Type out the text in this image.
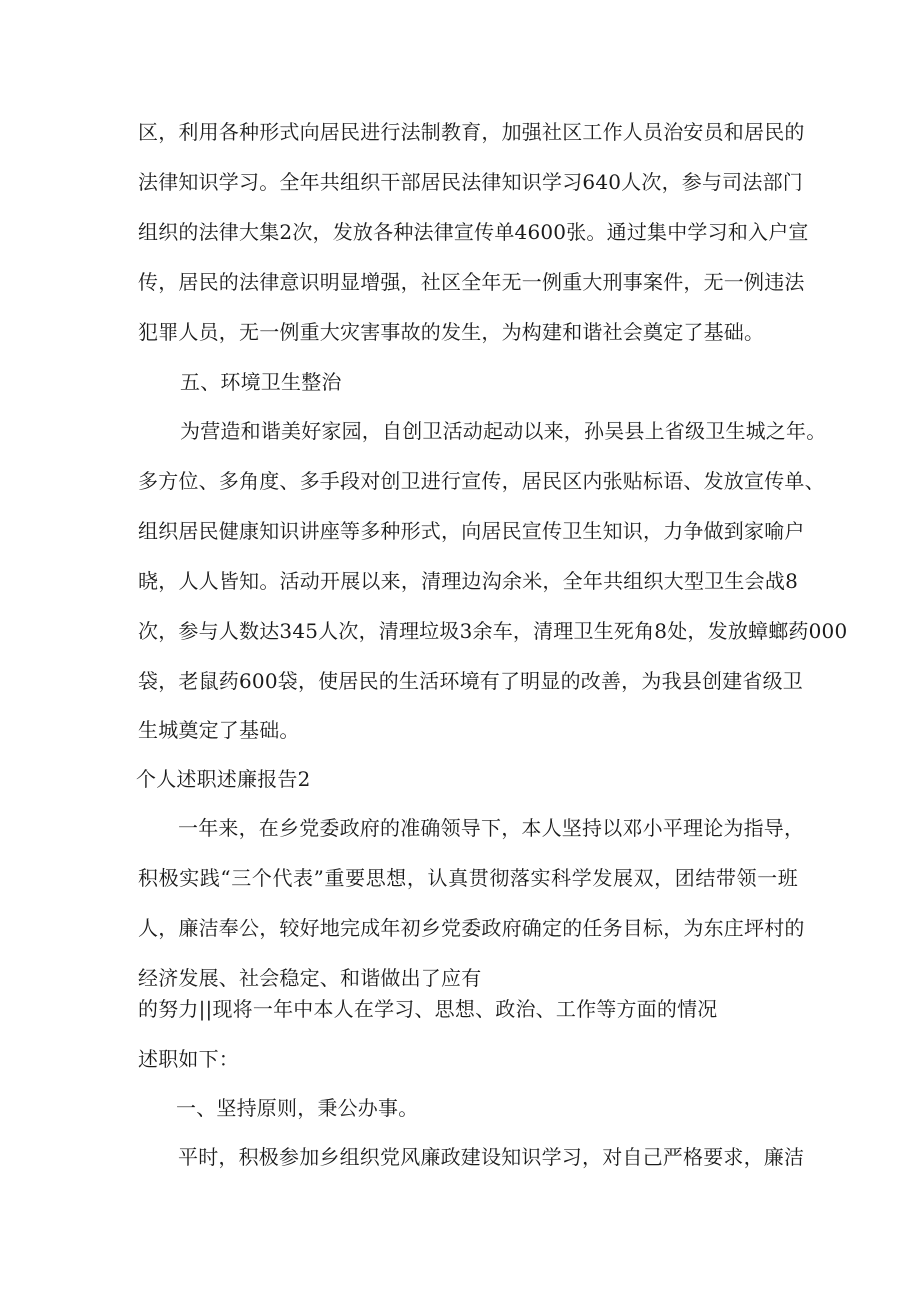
区，利用各种形式向居民进行法制教育，加强社区工作人员治安员和居民的
法律知识学习。全年共组织干部居民法律知识学习640人次，参与司法部门
组织的法律大集2次，发放各种法律宣传单4600张。通过集中学习和入户宣
传，居民的法律意识明显增强，社区全年无一例重大刑事案件，无一例违法
犯罪人员，无一例重大灾害事故的发生，为构建和谐社会奠定了基础。
五、环境卫生整治
为营造和谐美好家园，自创卫活动起动以来，孙吴县上省级卫生城之年。
多方位、多角度、多手段对创卫进行宣传，居民区内张贴标语、发放宣传单、
组织居民健康知识讲座等多种形式，向居民宣传卫生知识，力争做到家喻户
晓，人人皆知。活动开展以来，清理边沟余米，全年共组织大型卫生会战8
次，参与人数达345人次，清理垃圾3余车，清理卫生死角8处，发放蟑螂药000
袋，老鼠药600袋，使居民的生活环境有了明显的改善，为我县创建省级卫
生城奠定了基础。
个人述职述廉报告2
一年来，在乡党委政府的准确领导下，本人坚持以邓小平理论为指导，
积极实践“三个代表”重要思想，认真贯彻落实科学发展双，团结带领一班
人，廉洁奉公，较好地完成年初乡党委政府确定的任务目标，为东庄坪村的
经济发展、社会稳定、和谐做出了应有
的努力||现将一年中本人在学习、思想、政治、工作等方面的情况
述职如下：
一、坚持原则，秉公办事。
平时，积极参加乡组织党风廉政建设知识学习，对自己严格要求，廉洁
